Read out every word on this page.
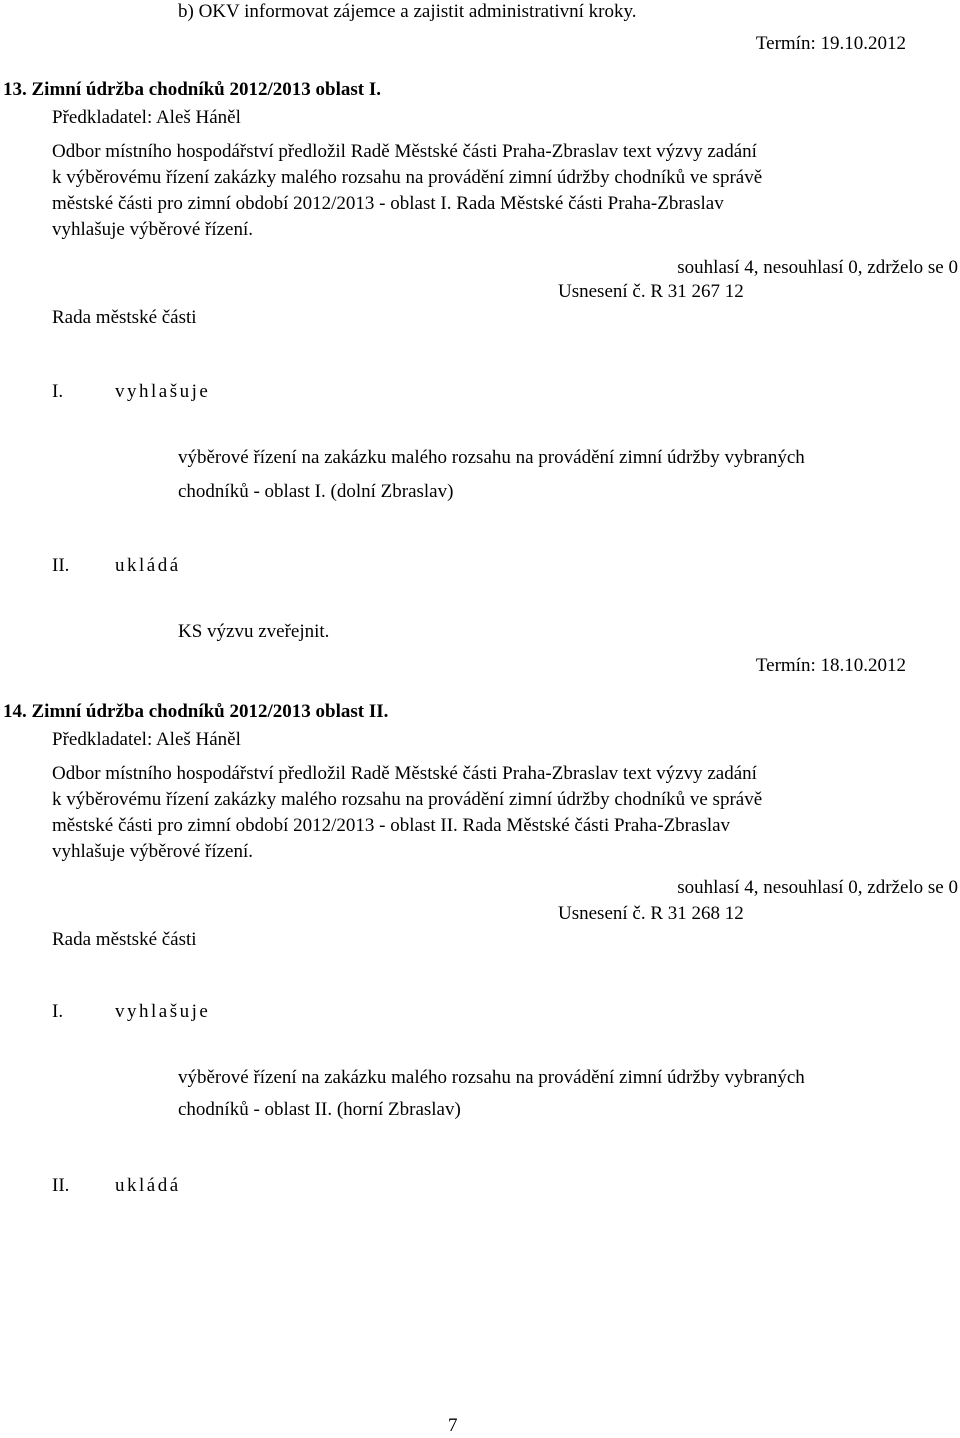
b) OKV informovat zájemce a zajistit administrativní kroky.
Termín: 19.10.2012
13. Zimní údržba chodníků 2012/2013 oblast I.
Předkladatel: Aleš Háněl
Odbor místního hospodářství předložil Radě Městské části Praha-Zbraslav text výzvy zadání
k výběrovému řízení zakázky malého rozsahu na provádění zimní údržby chodníků ve správě
městské části pro zimní období 2012/2013 - oblast I. Rada Městské části Praha-Zbraslav
vyhlašuje výběrové řízení.
souhlasí 4, nesouhlasí 0, zdrželo se 0
Usnesení č. R 31 267 12
Rada městské části
I.	vyhlašuje
výběrové řízení na zakázku malého rozsahu na provádění zimní údržby vybraných
chodníků - oblast I. (dolní Zbraslav)
II. ukládá
KS výzvu zveřejnit.
Termín: 18.10.2012
14. Zimní údržba chodníků 2012/2013 oblast II.
Předkladatel: Aleš Háněl
Odbor místního hospodářství předložil Radě Městské části Praha-Zbraslav text výzvy zadání
k výběrovému řízení zakázky malého rozsahu na provádění zimní údržby chodníků ve správě
městské části pro zimní období 2012/2013 - oblast II. Rada Městské části Praha-Zbraslav
vyhlašuje výběrové řízení.
souhlasí 4, nesouhlasí 0, zdrželo se 0
Usnesení č. R 31 268 12
Rada městské části
I.	vyhlašuje
výběrové řízení na zakázku malého rozsahu na provádění zimní údržby vybraných
chodníků - oblast II. (horní Zbraslav)
II. ukládá
7
